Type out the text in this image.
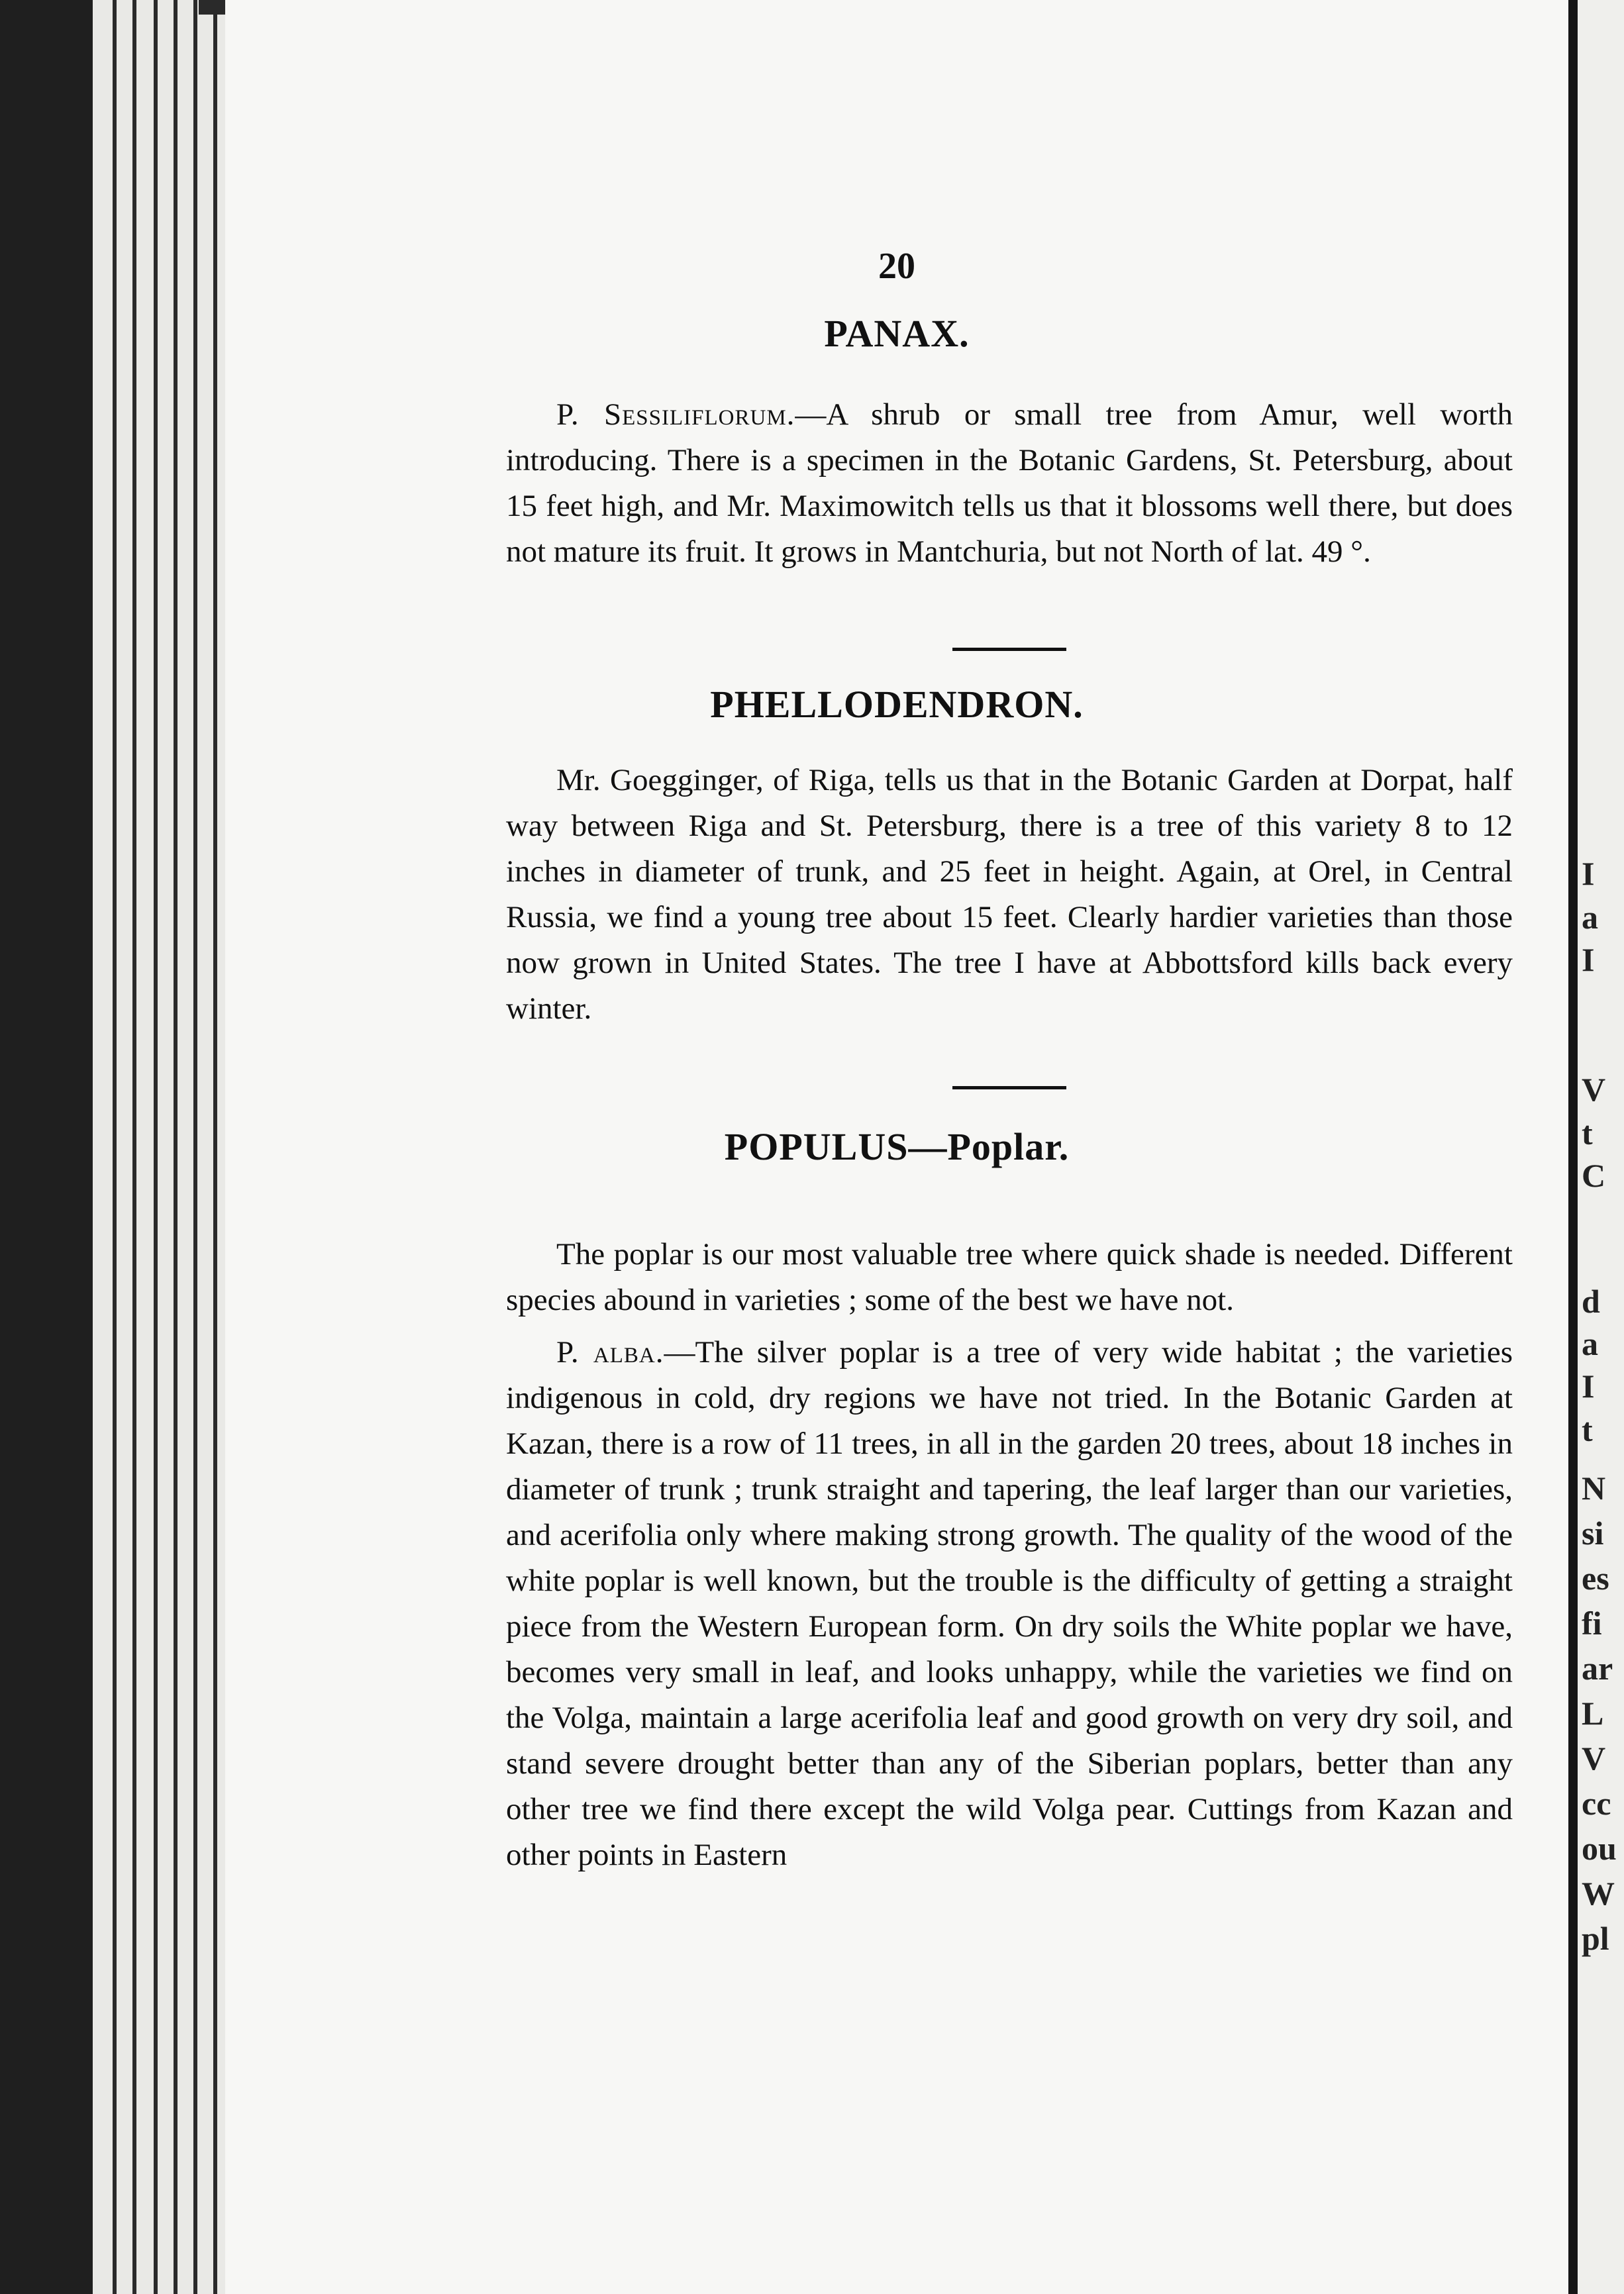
20
PANAX.

P. Sessiliflorum.—A shrub or small tree from Amur, well worth introducing. There is a specimen in the Botanic Gardens, St. Petersburg, about 15 feet high, and Mr. Maximowitch tells us that it blossoms well there, but does not mature its fruit. It grows in Mantchuria, but not North of lat. 49 °.

PHELLODENDRON.

Mr. Goegginger, of Riga, tells us that in the Botanic Garden at Dorpat, half way between Riga and St. Petersburg, there is a tree of this variety 8 to 12 inches in diameter of trunk, and 25 feet in height. Again, at Orel, in Central Russia, we find a young tree about 15 feet. Clearly hardier varieties than those now grown in United States. The tree I have at Abbottsford kills back every winter.

POPULUS—Poplar.

The poplar is our most valuable tree where quick shade is needed. Different species abound in varieties ; some of the best we have not.

P. alba.—The silver poplar is a tree of very wide habitat ; the varieties indigenous in cold, dry regions we have not tried. In the Botanic Garden at Kazan, there is a row of 11 trees, in all in the garden 20 trees, about 18 inches in diameter of trunk ; trunk straight and tapering, the leaf larger than our varieties, and acerifolia only where making strong growth. The quality of the wood of the white poplar is well known, but the trouble is the difficulty of getting a straight piece from the Western European form. On dry soils the White poplar we have, becomes very small in leaf, and looks unhappy, while the varieties we find on the Volga, maintain a large acerifolia leaf and good growth on very dry soil, and stand severe drought better than any of the Siberian poplars, better than any other tree we find there except the wild Volga pear. Cuttings from Kazan and other points in Eastern

I
a
I
V
t
C
d
a
I
t
N
si
es
fi
ar
L
V
cc
ou
W
pl
